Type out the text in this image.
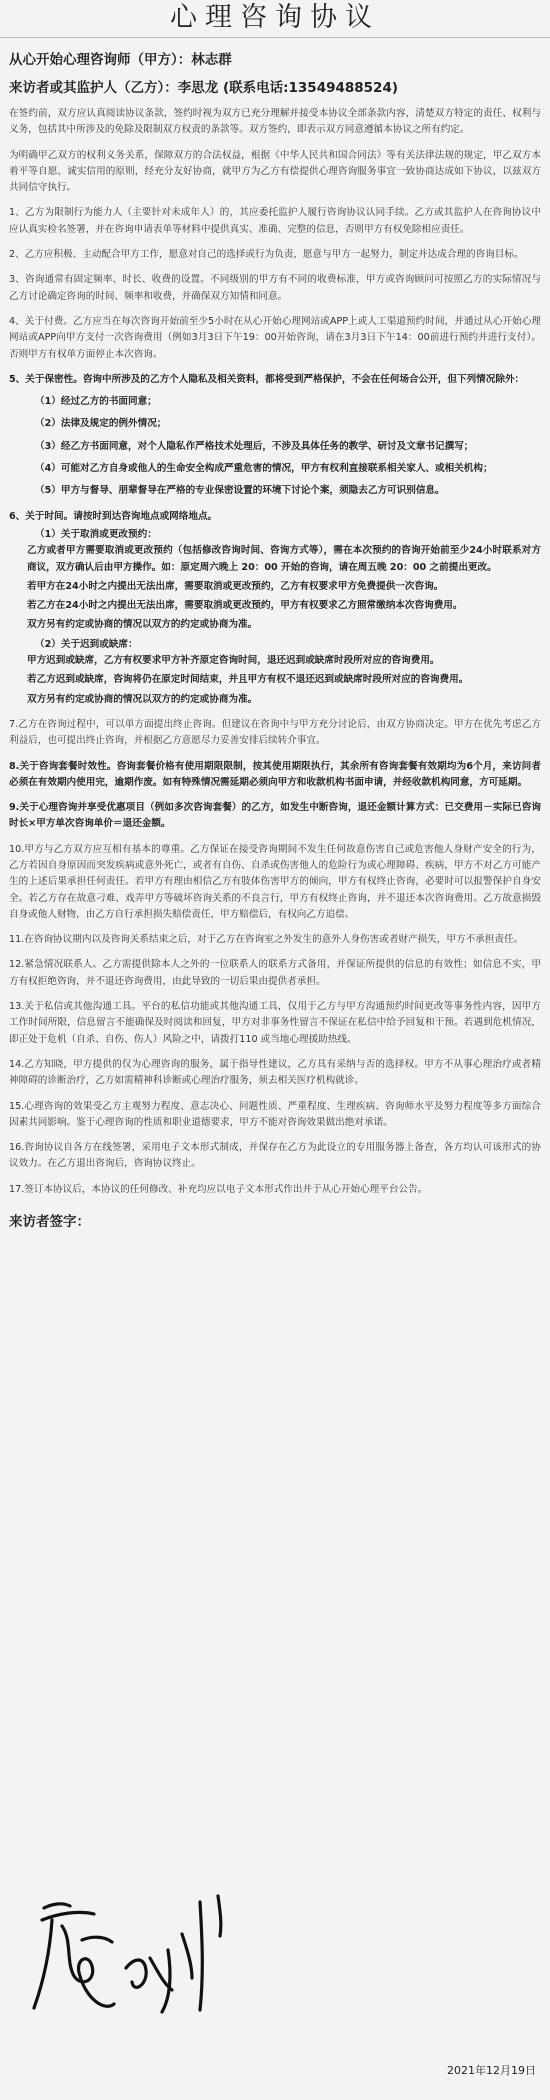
心理咨询协议

从心开始心理咨询师（甲方）：林志群

来访者或其监护人（乙方）：李思龙 (联系电话:13549488524)

在签约前，双方应认真阅读协议条款，签约时视为双方已充分理解并接受本协议全部条款内容，清楚双方特定的责任、权利与义务，包括其中所涉及的免除及限制双方权责的条款等。双方签约，即表示双方同意遵循本协议之所有约定。

为明确甲乙双方的权利义务关系，保障双方的合法权益，根据《中华人民共和国合同法》等有关法律法规的规定，甲乙双方本着平等自愿、诚实信用的原则，经充分友好协商，就甲方为乙方有偿提供心理咨询服务事宜一致协商达成如下协议，以兹双方共同信守执行。

1、乙方为限制行为能力人（主要针对未成年人）的，其应委托监护人履行咨询协议认同手续。乙方或其监护人在咨询协议中应认真实检名签署，并在咨询申请表单等材料中提供真实、准确、完整的信息，否则甲方有权免除相应责任。

2、乙方应积极、主动配合甲方工作，愿意对自己的选择或行为负责，愿意与甲方一起努力，制定并达成合理的咨询目标。

3、咨询通常有固定频率、时长、收费的设置。不同级别的甲方有不同的收费标准，甲方或咨询顾问可按照乙方的实际情况与乙方讨论确定咨询的时间、频率和收费，并确保双方知情和同意。

4、关于付费。乙方应当在每次咨询开始前至少5小时在从心开始心理网站或APP上或人工渠道预约时间，并通过从心开始心理网站或APP向甲方支付一次咨询费用（例如3月3日下午19：00开始咨询，请在3月3日下午14：00前进行预约并进行支付）。否则甲方有权单方面停止本次咨询。

5、关于保密性。咨询中所涉及的乙方个人隐私及相关资料，都将受到严格保护，不会在任何场合公开，但下列情况除外：

（1）经过乙方的书面同意；

（2）法律及规定的例外情况；

（3）经乙方书面同意，对个人隐私作严格技术处理后，不涉及具体任务的教学、研讨及文章书记撰写；

（4）可能对乙方自身或他人的生命安全构成严重危害的情况，甲方有权利直接联系相关家人、或相关机构；

（5）甲方与督导、朋辈督导在严格的专业保密设置的环境下讨论个案，须隐去乙方可识别信息。

6、关于时间。请按时到达咨询地点或网络地点。

（1）关于取消或更改预约：

乙方或者甲方需要取消或更改预约（包括修改咨询时间、咨询方式等），需在本次预约的咨询开始前至少24小时联系对方商议，双方确认后由甲方操作。如：原定周六晚上 20：00 开始的咨询，请在周五晚 20：00 之前提出更改。

若甲方在24小时之内提出无法出席，需要取消或更改预约，乙方有权要求甲方免费提供一次咨询。

若乙方在24小时之内提出无法出席，需要取消或更改预约，甲方有权要求乙方照常缴纳本次咨询费用。

双方另有约定或协商的情况以双方的约定或协商为准。

（2）关于迟到或缺席：

甲方迟到或缺席，乙方有权要求甲方补齐原定咨询时间，退还迟到或缺席时段所对应的咨询费用。

若乙方迟到或缺席，咨询将仍在原定时间结束，并且甲方有权不退还迟到或缺席时段所对应的咨询费用。

双方另有约定或协商的情况以双方的约定或协商为准。

7.乙方在咨询过程中，可以单方面提出终止咨询。但建议在咨询中与甲方充分讨论后，由双方协商决定。甲方在优先考虑乙方利益后，也可提出终止咨询，并根据乙方意愿尽力妥善安排后续转介事宜。

8.关于咨询套餐时效性。咨询套餐价格有使用期限限制，按其使用期限执行，其余所有咨询套餐有效期均为6个月，来访问者必须在有效期内使用完，逾期作废。如有特殊情况需延期必须向甲方和收款机构书面申请，并经收款机构同意，方可延期。

9.关于心理咨询并享受优惠项目（例如多次咨询套餐）的乙方，如发生中断咨询，退还金额计算方式：已交费用－实际已咨询时长×甲方单次咨询单价＝退还金额。

10.甲方与乙方双方应互相有基本的尊重。乙方保证在接受咨询期间不发生任何故意伤害自己或危害他人身财产安全的行为，乙方若因自身原因而突发疾病或意外死亡，或者有自伤、自杀或伤害他人的危险行为或心理障碍、疾病，甲方不对乙方可能产生的上述后果承担任何责任。若甲方有理由相信乙方有肢体伤害甲方的倾向，甲方有权终止咨询，必要时可以报警保护自身安全。若乙方存在故意刁难、戏弄甲方等破坏咨询关系的不良言行，甲方有权终止咨询，并不退还本次咨询费用。乙方故意损毁自身或他人财物，由乙方自行承担损失赔偿责任，甲方赔偿后，有权向乙方追偿。

11.在咨询协议期内以及咨询关系结束之后，对于乙方在咨询室之外发生的意外人身伤害或者财产损失，甲方不承担责任。

12.紧急情况联系人。乙方需提供除本人之外的一位联系人的联系方式备用，并保证所提供的信息的有效性；如信息不实，甲方有权拒绝咨询，并不退还咨询费用，由此导致的一切后果由提供者承担。

13.关于私信或其他沟通工具。平台的私信功能或其他沟通工具，仅用于乙方与甲方沟通预约时间更改等事务性内容，因甲方工作时间所限，信息留言不能确保及时阅读和回复，甲方对非事务性留言不保证在私信中给予回复和干预。若遇到危机情况，即正处于危机（自杀、自伤、伤人）风险之中，请拨打110 或当地心理援助热线。

14.乙方知晓，甲方提供的仅为心理咨询的服务，属于指导性建议，乙方具有采纳与否的选择权。甲方不从事心理治疗或者精神障碍的诊断治疗，乙方如需精神科诊断或心理治疗服务，须去相关医疗机构就诊。

15.心理咨询的效果受乙方主观努力程度、意志决心、问题性质、严重程度、生理疾病、咨询师水平及努力程度等多方面综合因素共同影响。鉴于心理咨询的性质和职业道德要求，甲方不能对咨询效果做出绝对承诺。

16.咨询协议自各方在线签署，采用电子文本形式制成，并保存在乙方为此设立的专用服务器上备查，各方均认可该形式的协议效力。在乙方退出咨询后，咨询协议终止。

17.签订本协议后，本协议的任何修改、补充均应以电子文本形式作出并于从心开始心理平台公告。

来访者签字：

2021年12月19日
